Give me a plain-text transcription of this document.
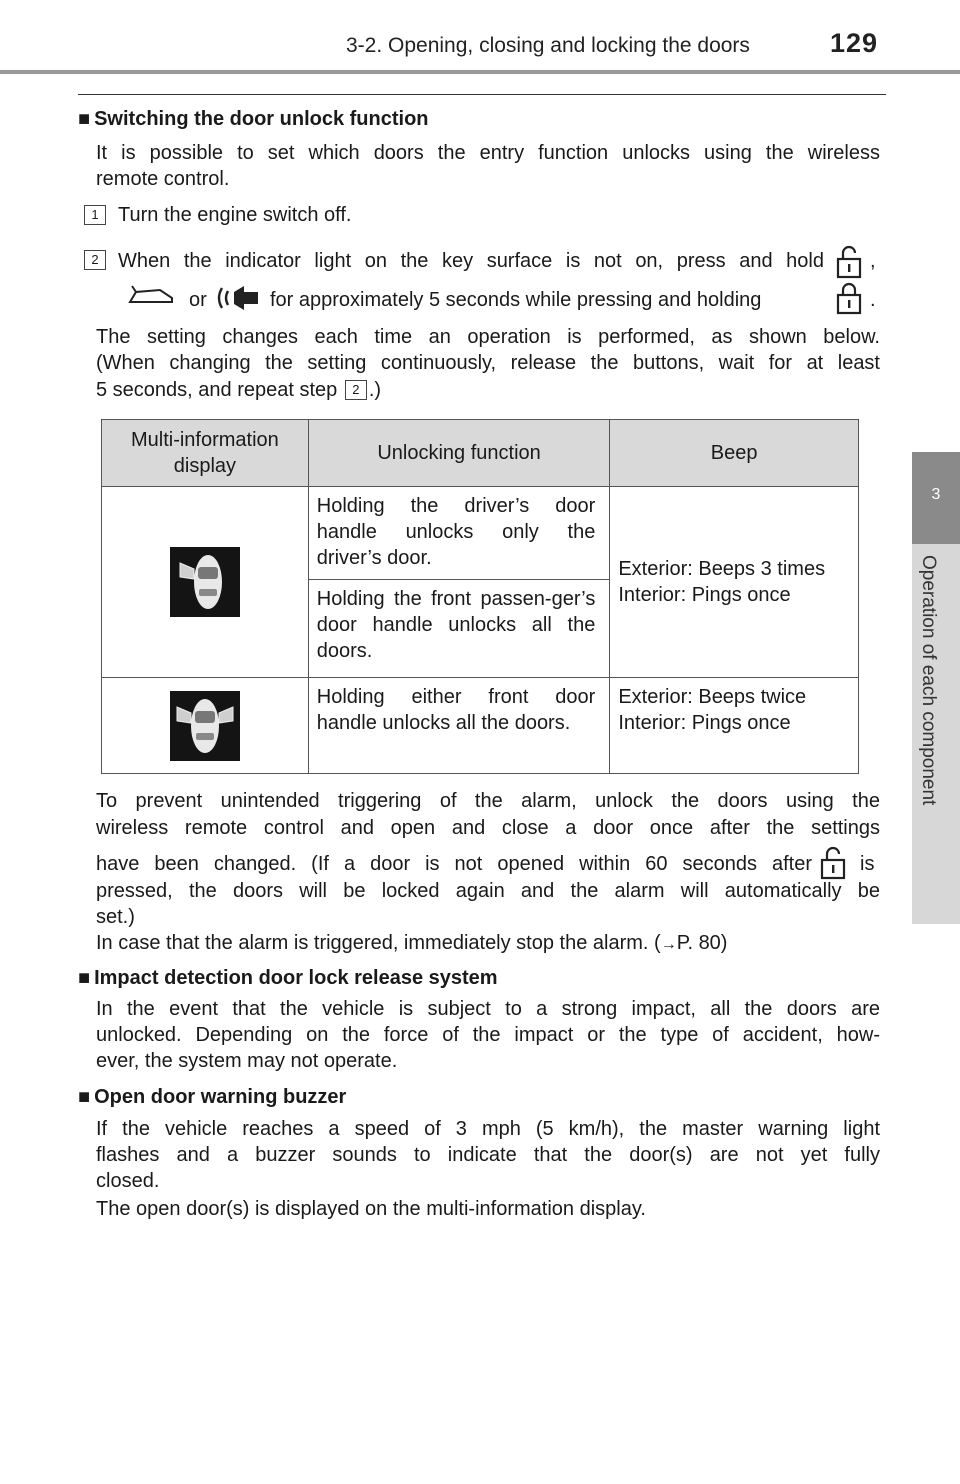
3-2. Opening, closing and locking the doors	129
3
Operation of each component
■ Switching the door unlock function
It is possible to set which doors the entry function unlocks using the wireless
remote control.
1 Turn the engine switch off.
2 When the indicator light on the key surface is not on, press and hold ,
or	for approximately 5 seconds while pressing and holding	.
The setting changes each time an operation is performed, as shown below.
(When changing the setting continuously, release the buttons, wait for at least
5 seconds, and repeat step 2 .)
Multi-information display	Unlocking function	Beep
	Holding the driver’s door handle unlocks only the driver’s door.	Exterior: Beeps 3 times
Interior: Pings once

	Holding the front passen-ger’s door handle unlocks all the doors.	
	Holding either front door handle unlocks all the doors.	Exterior: Beeps twice
Interior: Pings once
To prevent unintended triggering of the alarm, unlock the doors using the
wireless remote control and open and close a door once after the settings
have been changed. (If a door is not opened within 60 seconds after is
pressed, the doors will be locked again and the alarm will automatically be
set.)
In case that the alarm is triggered, immediately stop the alarm. (→P. 80)
■ Impact detection door lock release system
In the event that the vehicle is subject to a strong impact, all the doors are
unlocked. Depending on the force of the impact or the type of accident, how-
ever, the system may not operate.
■ Open door warning buzzer
If the vehicle reaches a speed of 3 mph (5 km/h), the master warning light
flashes and a buzzer sounds to indicate that the door(s) are not yet fully
closed.
The open door(s) is displayed on the multi-information display.
